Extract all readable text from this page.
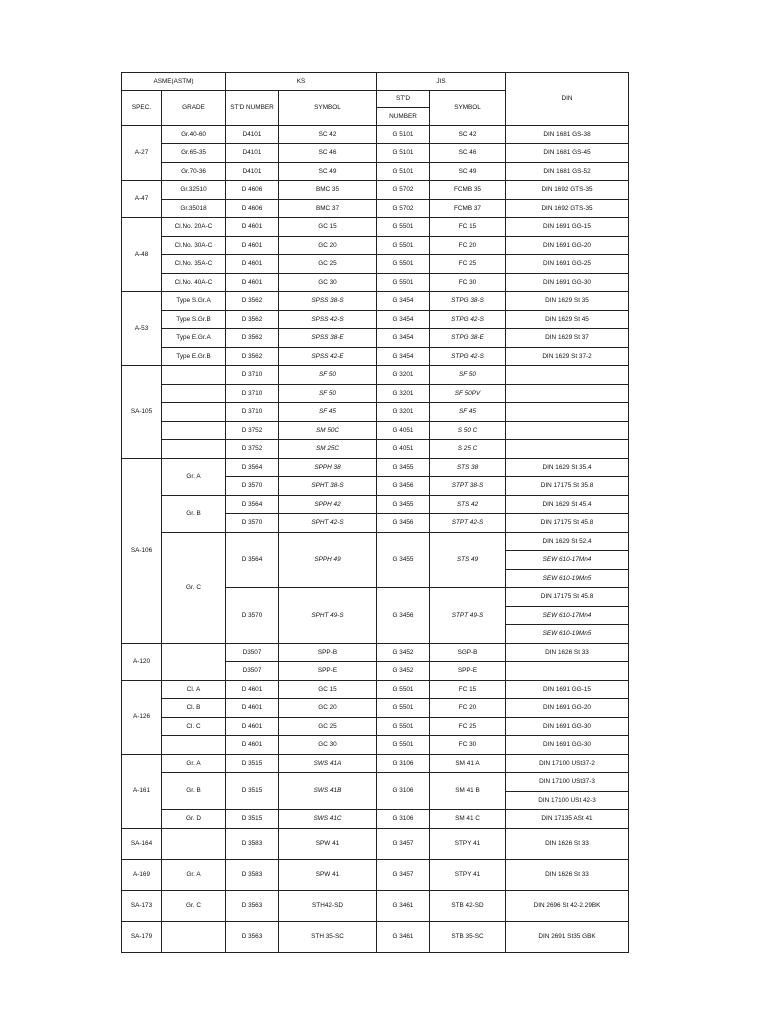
ASME(ASTM)		KS		JIS		DIN
SPEC.	GRADE	ST'D NUMBER	SYMBOL	ST'D	SYMBOL	
				NUMBER		
A-27	Gr.40-60	D4101	SC 42	G 5101	SC 42	DIN 1681 GS-38
	Gr.65-35	D4101	SC 46	G 5101	SC 46	DIN 1681 GS-45
	Gr.70-36	D4101	SC 49	G 5101	SC 49	DIN 1681 GS-52
A-47	Gr.32510	D 4606	BMC 35	G 5702	FCMB 35	DIN 1692 GTS-35
	Gr.35018	D 4606	BMC 37	G 5702	FCMB 37	DIN 1692 GTS-35
A-48	Cl.No. 20A-C	D 4601	GC 15	G 5501	FC 15	DIN 1691 GG-15
	Cl.No. 30A-C	D 4601	GC 20	G 5501	FC 20	DIN 1691 GG-20
	Cl.No. 35A-C	D 4601	GC 25	G 5501	FC 25	DIN 1691 GG-25
	Cl.No. 40A-C	D 4601	GC 30	G 5501	FC 30	DIN 1691 GG-30
A-53	Type S.Gr.A	D 3562	SPSS 38-S	G 3454	STPG 38-S	DIN 1629 St 35
	Type S.Gr.B	D 3562	SPSS 42-S	G 3454	STPG 42-S	DIN 1629 St 45
	Type E.Gr.A	D 3562	SPSS 38-E	G 3454	STPG 38-E	DIN 1629 St 37
	Type E.Gr.B	D 3562	SPSS 42-E	G 3454	STPG 42-S	DIN 1629 St 37-2
SA-105		D 3710	SF 50	G 3201	SF 50	
		D 3710	SF 50	G 3201	SF 50PV	
		D 3710	SF 45	G 3201	SF 45	
		D 3752	SM 50C	G 4051	S 50 C	
		D 3752	SM 25C	G 4051	S 25 C	
SA-106	Gr. A	D 3564	SPPH 38	G 3455	STS 38	DIN 1629 St 35.4
		D 3570	SPHT 38-S	G 3456	STPT 38-S	DIN 17175 St 35.8
	Gr. B	D 3564	SPPH 42	G 3455	STS 42	DIN 1629 St 45.4
		D 3570	SPHT 42-S	G 3456	STPT 42-S	DIN 17175 St 45.8
	Gr. C	D 3564	SPPH 49	G 3455	STS 49	DIN 1629 St 52.4
						SEW 610-17Mn4
						SEW 610-19Mn5
		D 3570	SPHT 49-S	G 3456	STPT 49-S	DIN 17175 St 45.8
						SEW 610-17Mn4
						SEW 610-19Mn5
A-120		D3507	SPP-B	G 3452	SGP-B	DIN 1626 St 33
		D3507	SPP-E	G 3452	SPP-E	
A-126	Cl. A	D 4601	GC 15	G 5501	FC 15	DIN 1691 GG-15
	Cl. B	D 4601	GC 20	G 5501	FC 20	DIN 1691 GG-20
	Cl. C	D 4601	GC 25	G 5501	FC 25	DIN 1691 GG-30
		D 4601	GC 30	G 5501	FC 30	DIN 1691 GG-30
A-161	Gr. A	D 3515	SWS 41A	G 3106	SM 41 A	DIN 17100 USt37-2
	Gr. B	D 3515	SWS 41B	G 3106	SM 41 B	DIN 17100 USt37-3
						DIN 17100 USt 42-3
	Gr. D	D 3515	SWS 41C	G 3106	SM 41 C	DIN 17135 ASt 41
SA-164		D 3583	SPW 41	G 3457	STPY 41	DIN 1626 St 33
A-169	Gr. A	D 3583	SPW 41	G 3457	STPY 41	DIN 1626 St 33
SA-173	Gr. C	D 3563	STH42-SD	G 3461	STB 42-SD	DIN 2696 St 42-2.29BK
SA-179		D 3563	STH 35-SC	G 3461	STB 35-SC	DIN 2691 St35 GBK
